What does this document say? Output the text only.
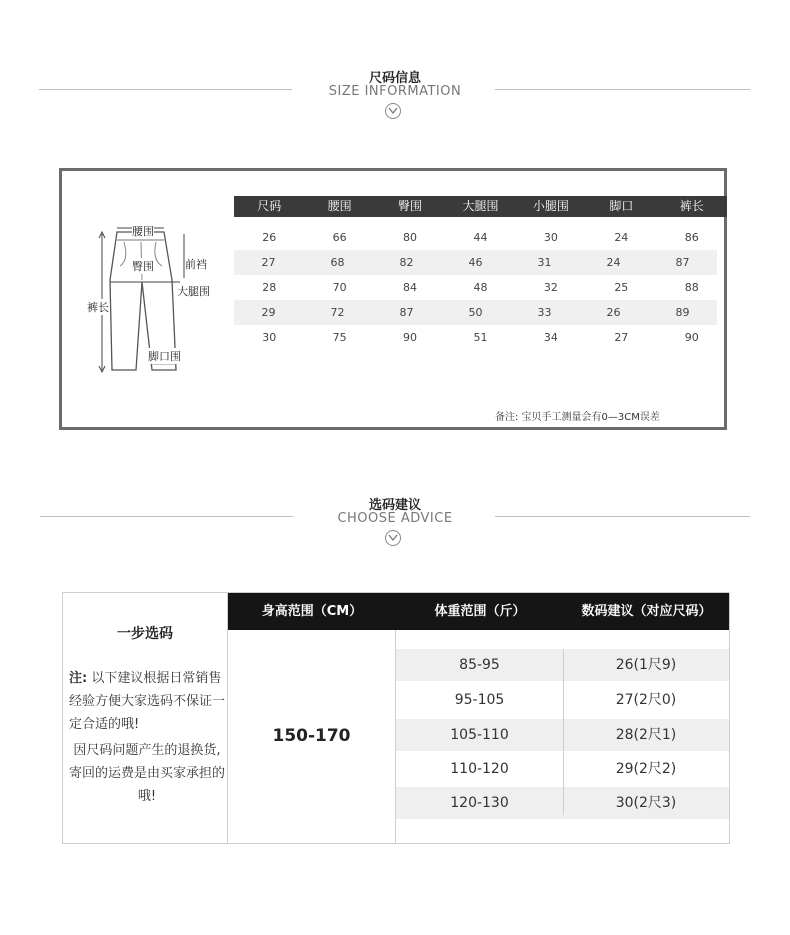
尺码信息
SIZE INFORMATION
腰围
臀围	前裆
大腿围
裤长
脚口围
尺码	腰围	臀围	大腿围	小腿围	脚口	裤长
26	66	80	44	30	24	86
27	68	82	46	31	24	87
28	70	84	48	32	25	88
29	72	87	50	33	26	89
30	75	90	51	34	27	90
备注: 宝贝手工测量会有0—3CM误差
选码建议
CHOOSE ADVICE
一步选码
注: 以下建议根据日常销售经验方便大家选码不保证一定合适的哦!
因尺码问题产生的退换货,寄回的运费是由买家承担的哦!
身高范围（CM）	体重范围（斤）	数码建议（对应尺码）
150-170
85-95	26(1尺9)
95-105	27(2尺0)
105-110	28(2尺1)
110-120	29(2尺2)
120-130	30(2尺3)
